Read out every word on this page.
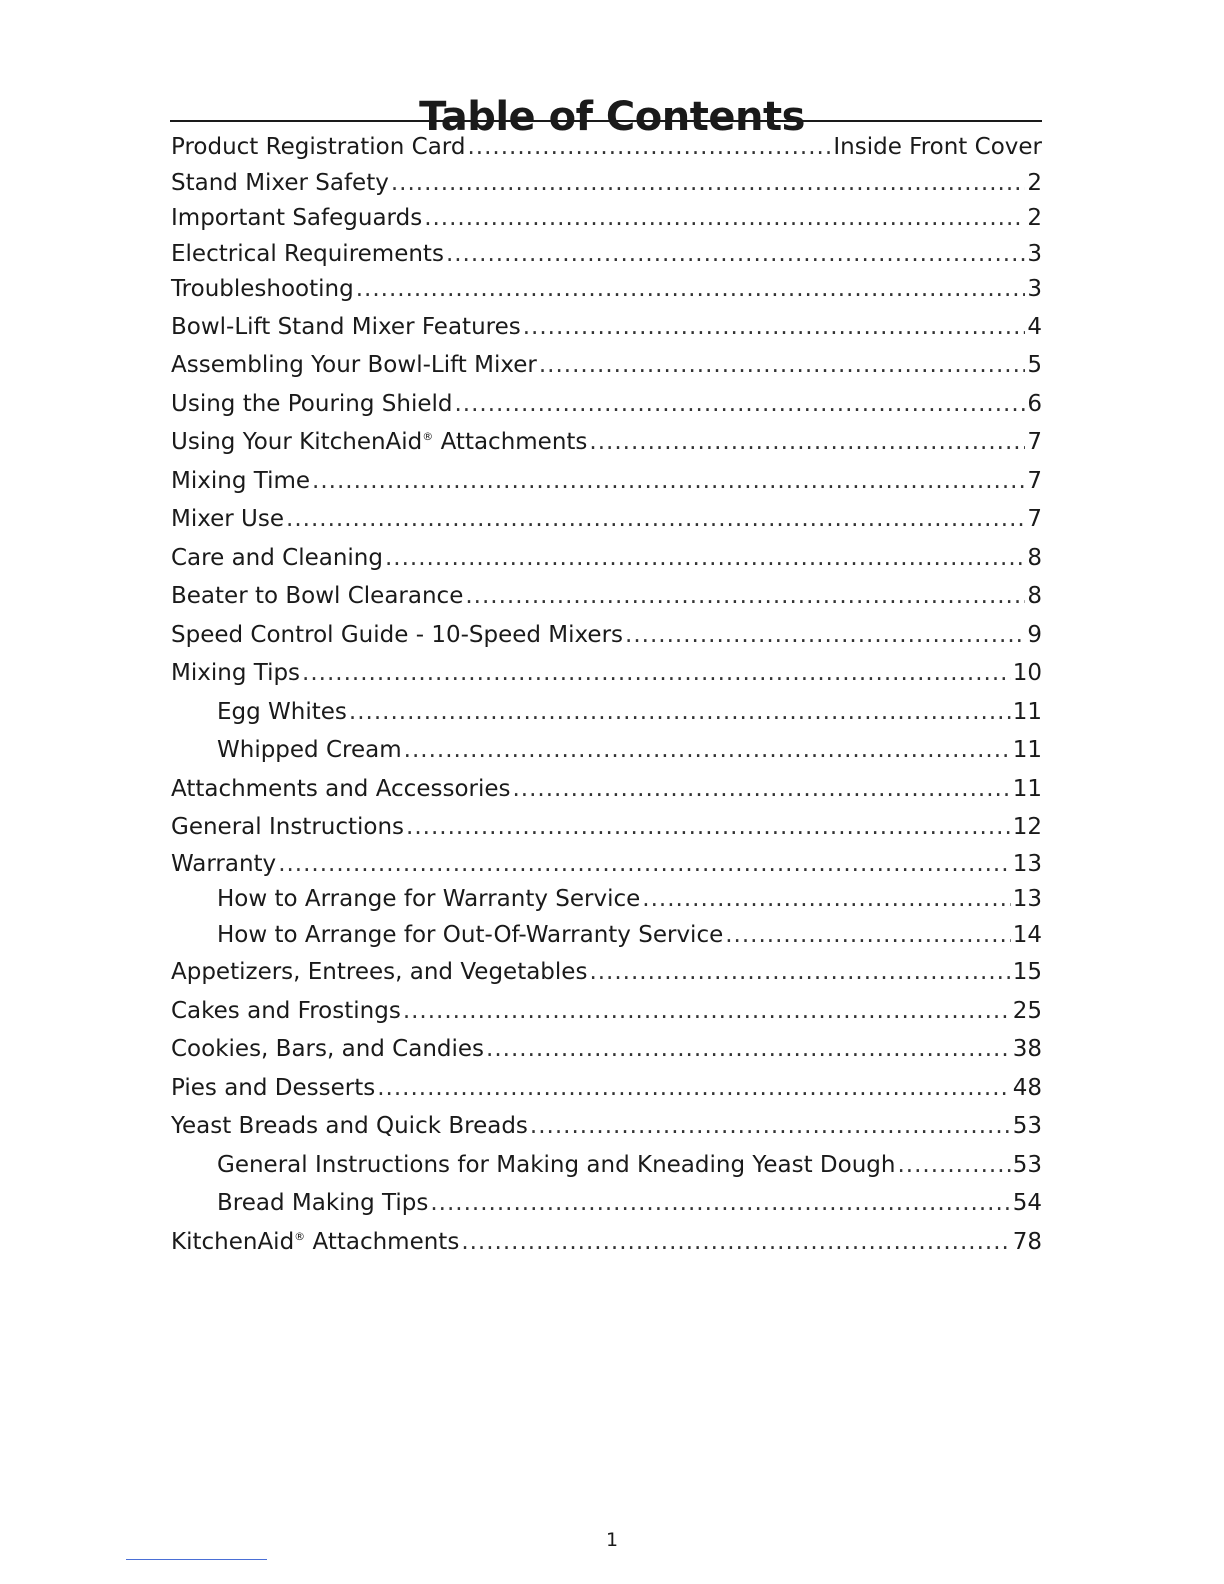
Table of Contents
Product Registration Card .....	Inside Front Cover
Stand Mixer Safety .....	2
Important Safeguards .....	2
Electrical Requirements .....	3
Troubleshooting .....	3
Bowl-Lift Stand Mixer Features .....	4
Assembling Your Bowl-Lift Mixer .....	5
Using the Pouring Shield .....	6
Using Your KitchenAid® Attachments .....	7
Mixing Time .....	7
Mixer Use .....	7
Care and Cleaning .....	8
Beater to Bowl Clearance .....	8
Speed Control Guide - 10-Speed Mixers .....	9
Mixing Tips .....	10
Egg Whites .....	11
Whipped Cream .....	11
Attachments and Accessories .....	11
General Instructions .....	12
Warranty .....	13
How to Arrange for Warranty Service .....	13
How to Arrange for Out-Of-Warranty Service .....	14
Appetizers, Entrees, and Vegetables .....	15
Cakes and Frostings .....	25
Cookies, Bars, and Candies .....	38
Pies and Desserts .....	48
Yeast Breads and Quick Breads .....	53
General Instructions for Making and Kneading Yeast Dough .....	53
Bread Making Tips .....	54
KitchenAid® Attachments .....	78
1
